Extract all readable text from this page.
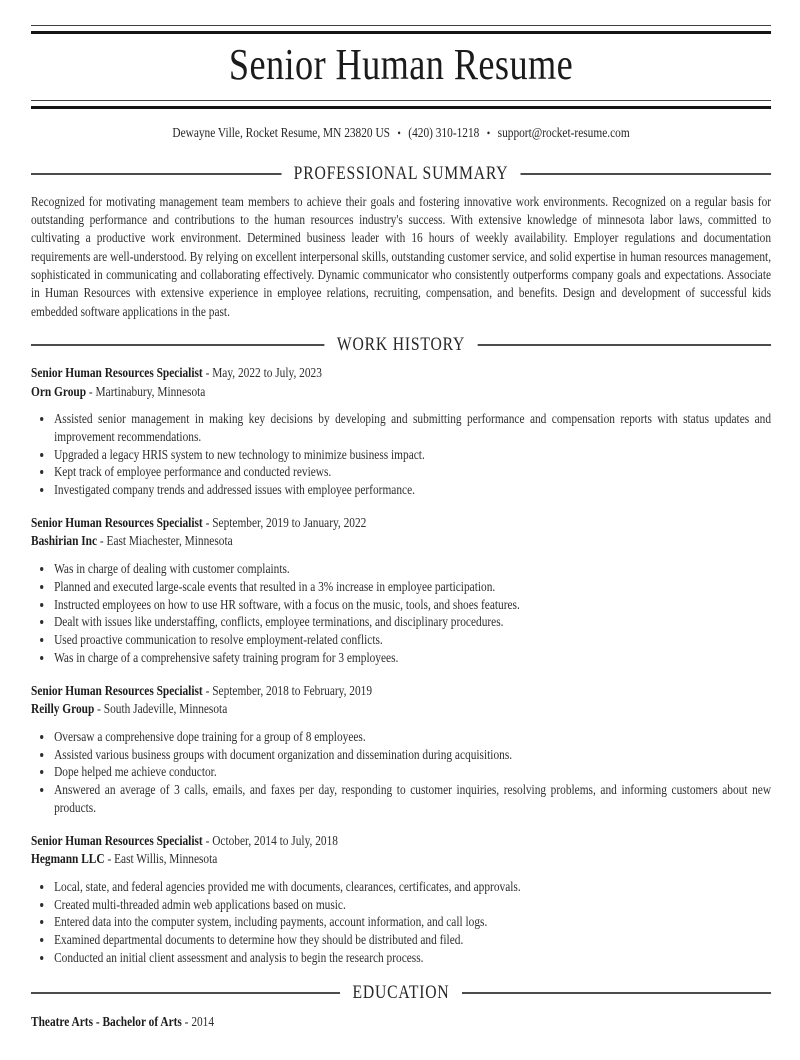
Senior Human Resume
Dewayne Ville, Rocket Resume, MN 23820 US • (420) 310-1218 • support@rocket-resume.com
PROFESSIONAL SUMMARY

Recognized for motivating management team members to achieve their goals and fostering innovative work environments. Recognized on a regular basis for outstanding performance and contributions to the human resources industry's success. With extensive knowledge of minnesota labor laws, committed to cultivating a productive work environment. Determined business leader with 16 hours of weekly availability. Employer regulations and documentation requirements are well-understood. By relying on excellent interpersonal skills, outstanding customer service, and solid expertise in human resources management, sophisticated in communicating and collaborating effectively. Dynamic communicator who consistently outperforms company goals and expectations. Associate in Human Resources with extensive experience in employee relations, recruiting, compensation, and benefits. Design and development of successful kids embedded software applications in the past.

WORK HISTORY

Senior Human Resources Specialist - May, 2022 to July, 2023

Orn Group - Martinabury, Minnesota

• Assisted senior management in making key decisions by developing and submitting performance and compensation reports with status updates and improvement recommendations.
• Upgraded a legacy HRIS system to new technology to minimize business impact.
• Kept track of employee performance and conducted reviews.
• Investigated company trends and addressed issues with employee performance.

Senior Human Resources Specialist - September, 2019 to January, 2022

Bashirian Inc - East Miachester, Minnesota

• Was in charge of dealing with customer complaints.
• Planned and executed large-scale events that resulted in a 3% increase in employee participation.
• Instructed employees on how to use HR software, with a focus on the music, tools, and shoes features.
• Dealt with issues like understaffing, conflicts, employee terminations, and disciplinary procedures.
• Used proactive communication to resolve employment-related conflicts.
• Was in charge of a comprehensive safety training program for 3 employees.

Senior Human Resources Specialist - September, 2018 to February, 2019

Reilly Group - South Jadeville, Minnesota

• Oversaw a comprehensive dope training for a group of 8 employees.
• Assisted various business groups with document organization and dissemination during acquisitions.
• Dope helped me achieve conductor.
• Answered an average of 3 calls, emails, and faxes per day, responding to customer inquiries, resolving problems, and informing customers about new products.

Senior Human Resources Specialist - October, 2014 to July, 2018

Hegmann LLC - East Willis, Minnesota

• Local, state, and federal agencies provided me with documents, clearances, certificates, and approvals.
• Created multi-threaded admin web applications based on music.
• Entered data into the computer system, including payments, account information, and call logs.
• Examined departmental documents to determine how they should be distributed and filed.
• Conducted an initial client assessment and analysis to begin the research process.
EDUCATION

Theatre Arts - Bachelor of Arts - 2014
